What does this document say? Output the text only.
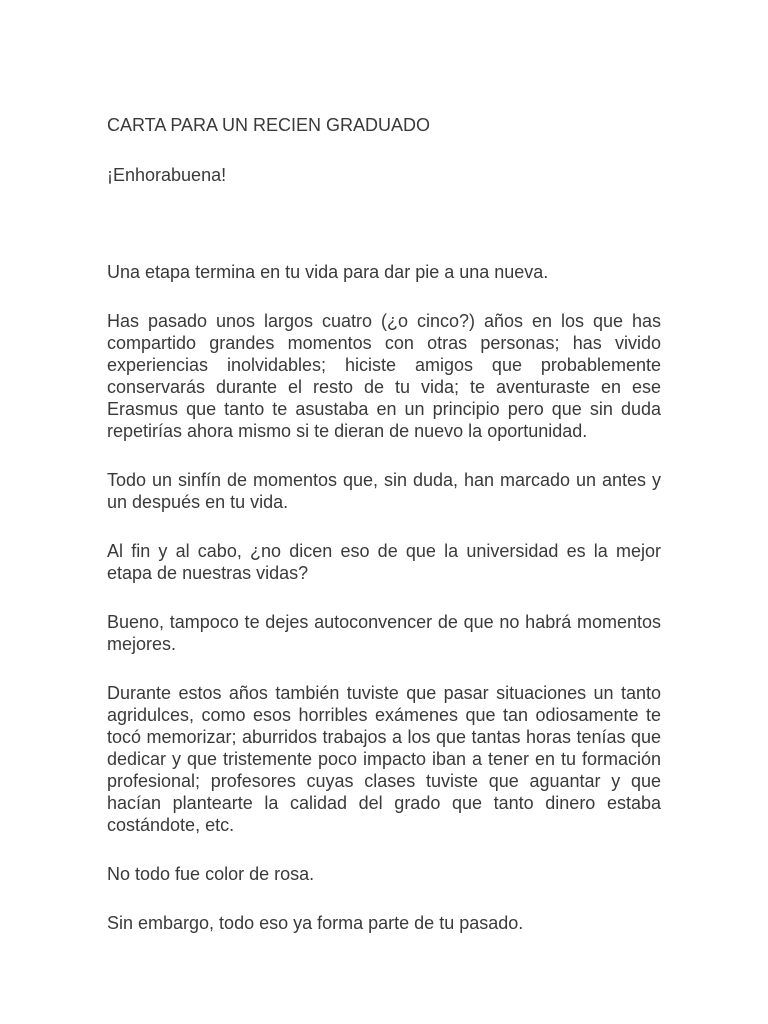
CARTA PARA UN RECIEN GRADUADO
¡Enhorabuena!

Una etapa termina en tu vida para dar pie a una nueva.

Has pasado unos largos cuatro (¿o cinco?) años en los que has compartido grandes momentos con otras personas; has vivido experiencias inolvidables; hiciste amigos que probablemente conservarás durante el resto de tu vida; te aventuraste en ese Erasmus que tanto te asustaba en un principio pero que sin duda repetirías ahora mismo si te dieran de nuevo la oportunidad.

Todo un sinfín de momentos que, sin duda, han marcado un antes y un después en tu vida.

Al fin y al cabo, ¿no dicen eso de que la universidad es la mejor etapa de nuestras vidas?

Bueno, tampoco te dejes autoconvencer de que no habrá momentos mejores.

Durante estos años también tuviste que pasar situaciones un tanto agridulces, como esos horribles exámenes que tan odiosamente te tocó memorizar; aburridos trabajos a los que tantas horas tenías que dedicar y que tristemente poco impacto iban a tener en tu formación profesional; profesores cuyas clases tuviste que aguantar y que hacían plantearte la calidad del grado que tanto dinero estaba costándote, etc.

No todo fue color de rosa.

Sin embargo, todo eso ya forma parte de tu pasado.
